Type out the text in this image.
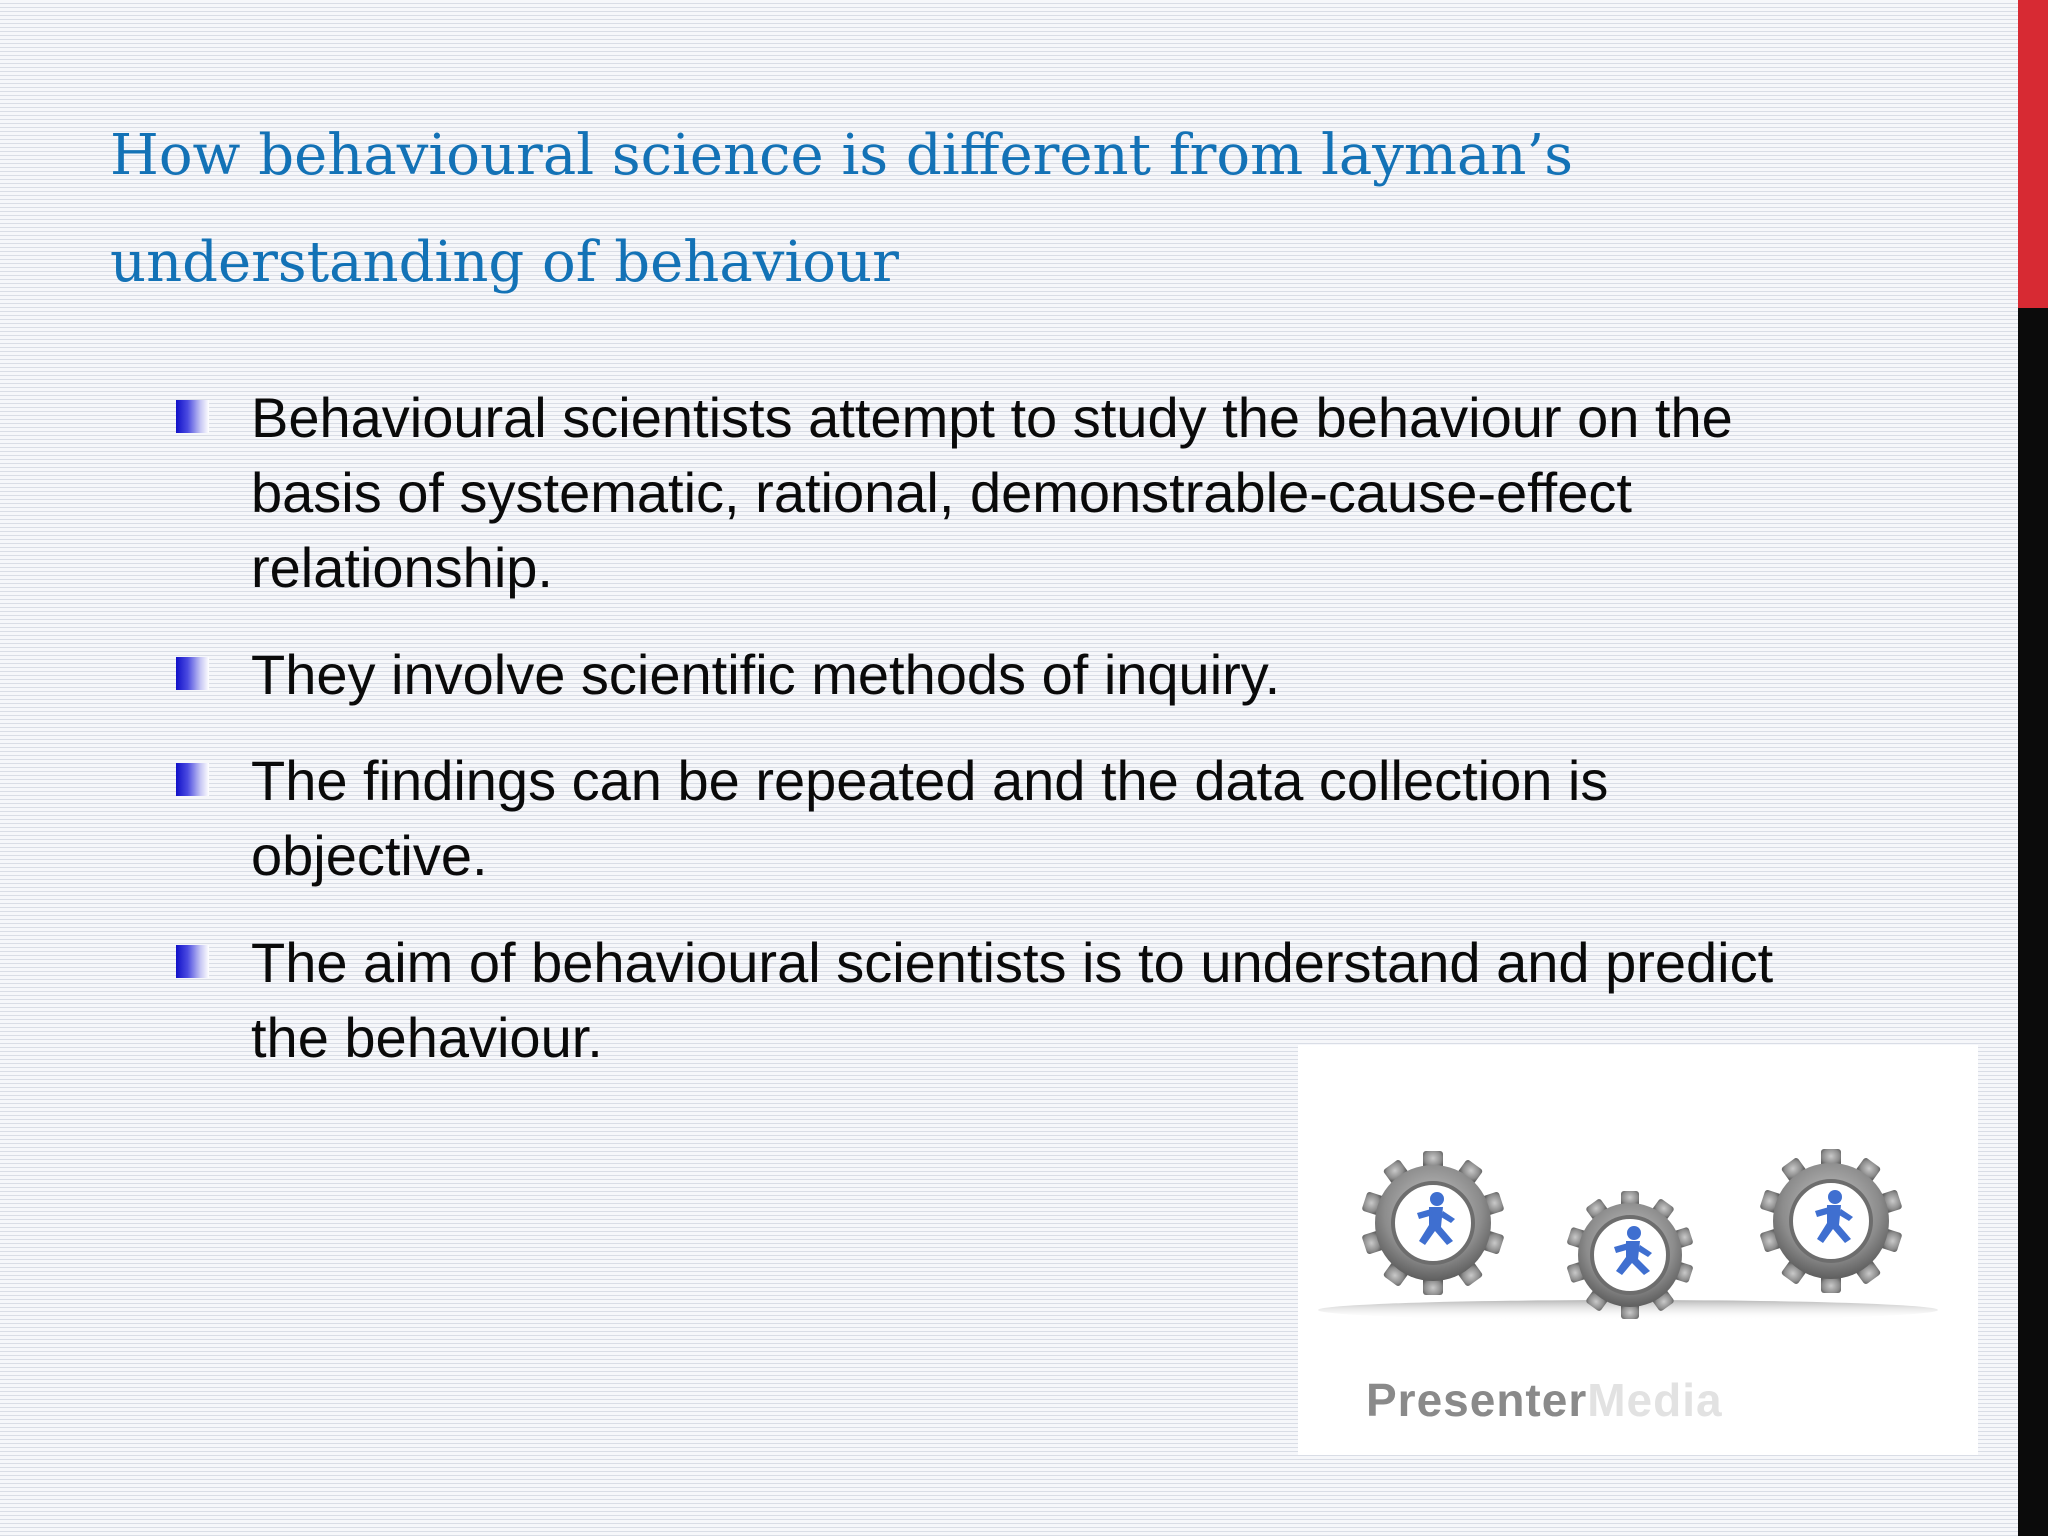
How behavioural science is different from layman’s understanding of behaviour
Behavioural scientists attempt to study the behaviour on the basis of systematic, rational, demonstrable-cause-effect relationship.
They involve scientific methods of inquiry.
The findings can be repeated and the data collection is objective.
The aim of behavioural scientists is to understand and predict the behaviour.
PresenterMedia
